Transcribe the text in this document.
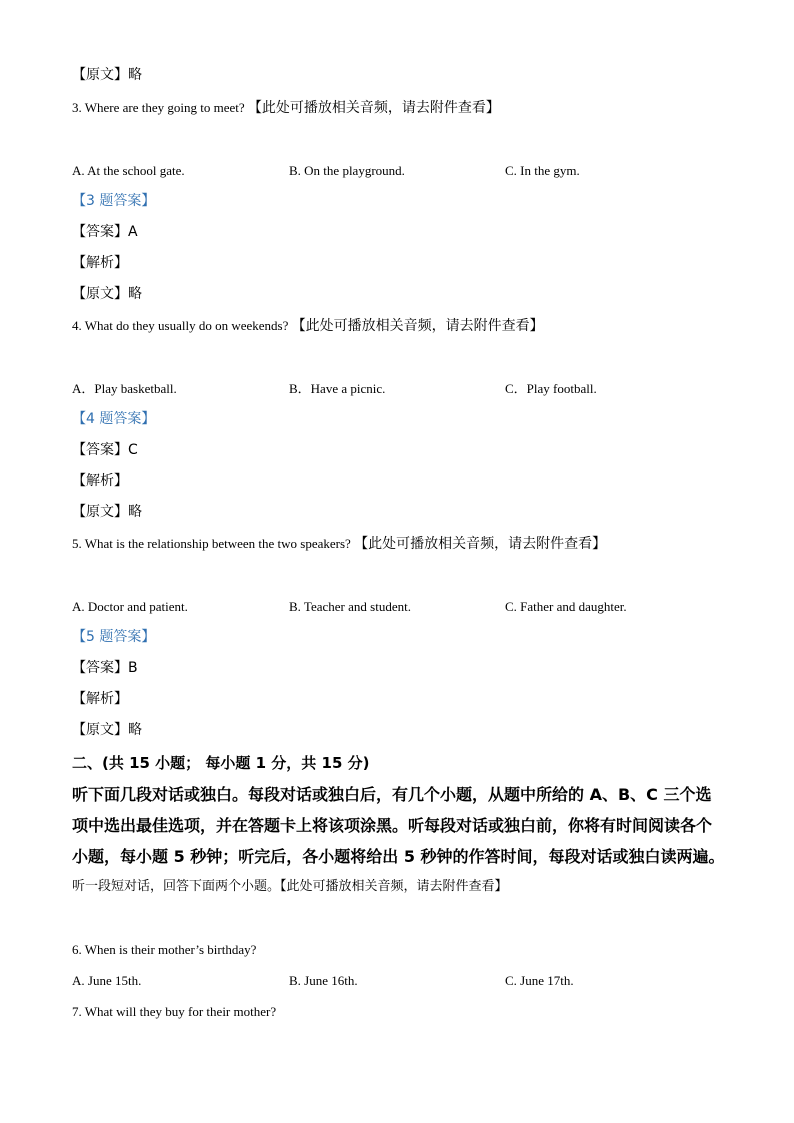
【原文】略
3. Where are they going to meet? 【此处可播放相关音频，请去附件查看】
A. At the school gate.	B. On the playground.	C. In the gym.
【3 题答案】
【答案】A
【解析】
【原文】略
4. What do they usually do on weekends? 【此处可播放相关音频，请去附件查看】
A．Play basketball.	B．Have a picnic.	C．Play football.
【4 题答案】
【答案】C
【解析】
【原文】略
5. What is the relationship between the two speakers? 【此处可播放相关音频，请去附件查看】
A. Doctor and patient.	B. Teacher and student.	C. Father and daughter.
【5 题答案】
【答案】B
【解析】
【原文】略
二、(共 15 小题； 每小题 1 分，共 15 分)
听下面几段对话或独白。每段对话或独白后，有几个小题，从题中所给的 A、B、C 三个选
项中选出最佳选项，并在答题卡上将该项涂黑。听每段对话或独白前，你将有时间阅读各个
小题，每小题 5 秒钟；听完后，各小题将给出 5 秒钟的作答时间，每段对话或独白读两遍。
听一段短对话，回答下面两个小题。【此处可播放相关音频，请去附件查看】
6. When is their mother’s birthday?
A. June 15th.	B. June 16th.	C. June 17th.
7. What will they buy for their mother?
